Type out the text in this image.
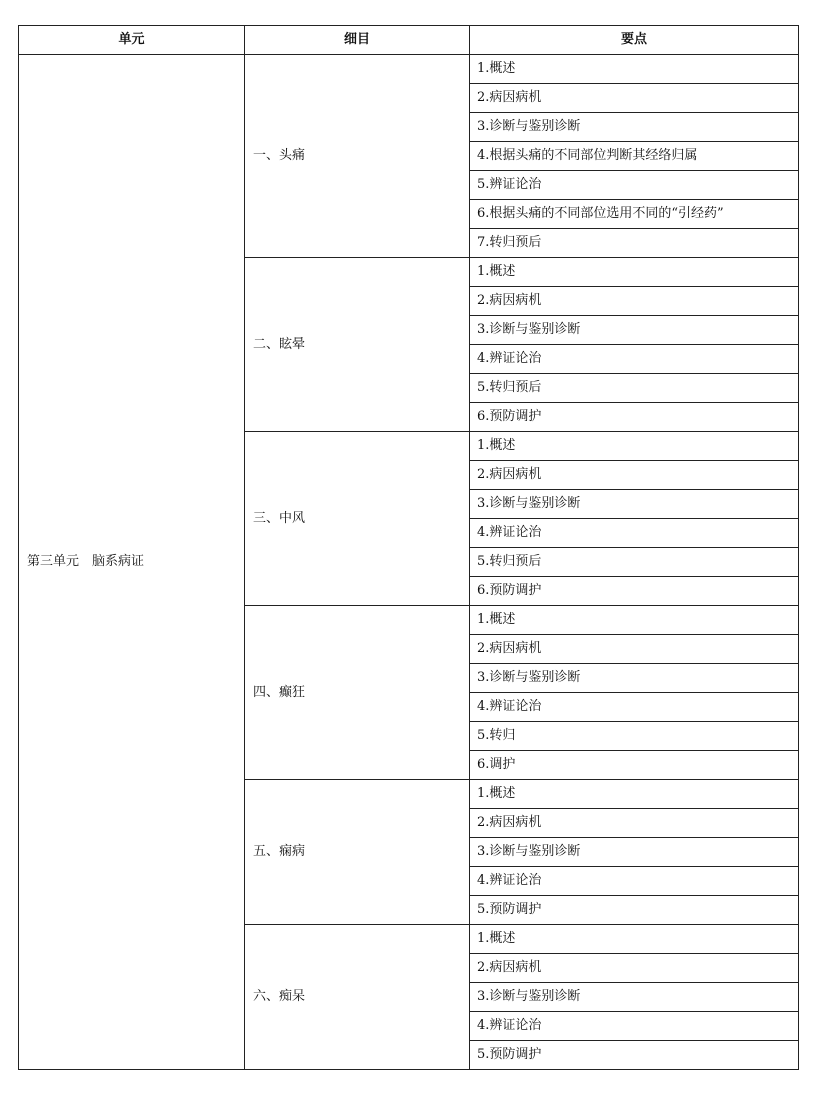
单元	细目	要点
第三单元　脑系病证	一、头痛	1.概述
		2.病因病机
		3.诊断与鉴别诊断
		4.根据头痛的不同部位判断其经络归属
		5.辨证论治
		6.根据头痛的不同部位选用不同的“引经药”
		7.转归预后
	二、眩晕	1.概述
		2.病因病机
		3.诊断与鉴别诊断
		4.辨证论治
		5.转归预后
		6.预防调护
	三、中风	1.概述
		2.病因病机
		3.诊断与鉴别诊断
		4.辨证论治
		5.转归预后
		6.预防调护
	四、癫狂	1.概述
		2.病因病机
		3.诊断与鉴别诊断
		4.辨证论治
		5.转归
		6.调护
	五、痫病	1.概述
		2.病因病机
		3.诊断与鉴别诊断
		4.辨证论治
		5.预防调护
	六、痴呆	1.概述
		2.病因病机
		3.诊断与鉴别诊断
		4.辨证论治
		5.预防调护
